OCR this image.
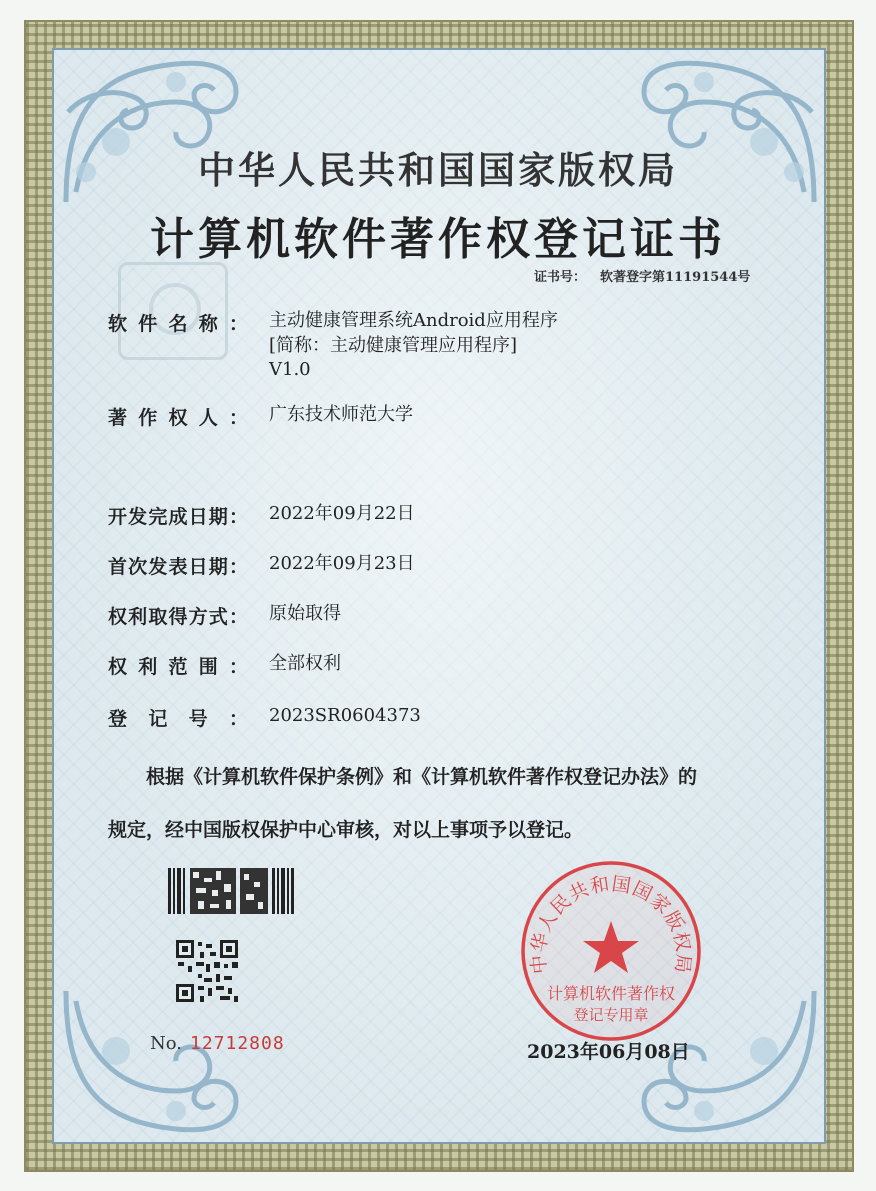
中华人民共和国国家版权局
计算机软件著作权登记证书
证书号： 软著登字第11191544号
软 件 名 称 ： 主动健康管理系统Android应用程序
[简称：主动健康管理应用程序]
V1.0
著 作 权 人 ： 广东技术师范大学
开 发 完 成 日 期 ： 2022年09月22日
首 次 发 表 日 期 ： 2022年09月23日
权 利 取 得 方 式 ： 原始取得
权 利 范 围 ： 全部权利
登 记 号 ： 2023SR0604373
根据《计算机软件保护条例》和《计算机软件著作权登记办法》的
规定，经中国版权保护中心审核，对以上事项予以登记。
No. 12712808
中华人民共和国国家版权局
计算机软件著作权
登记专用章
2023年06月08日
